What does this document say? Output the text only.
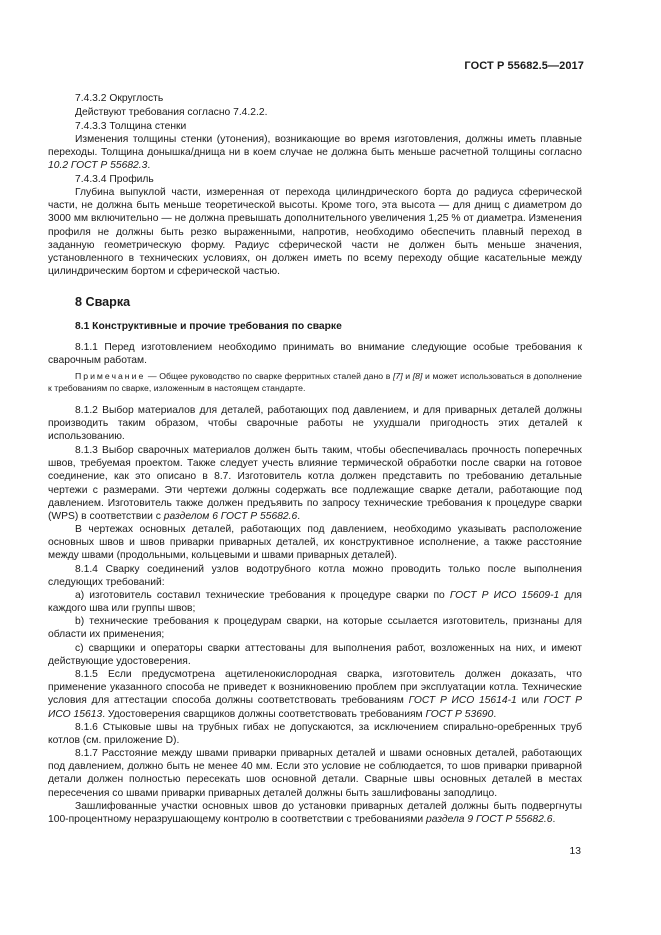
ГОСТ Р 55682.5—2017

7.4.3.2 Округлость

Действуют требования согласно 7.4.2.2.

7.4.3.3 Толщина стенки

Изменения толщины стенки (утонения), возникающие во время изготовления, должны иметь плавные переходы. Толщина донышка/днища ни в коем случае не должна быть меньше расчетной толщины согласно 10.2 ГОСТ Р 55682.3.

7.4.3.4 Профиль

Глубина выпуклой части, измеренная от перехода цилиндрического борта до радиуса сферической части, не должна быть меньше теоретической высоты. Кроме того, эта высота — для днищ с диаметром до 3000 мм включительно — не должна превышать дополнительного увеличения 1,25 % от диаметра. Изменения профиля не должны быть резко выраженными, напротив, необходимо обеспечить плавный переход в заданную геометрическую форму. Радиус сферической части не должен быть меньше значения, установленного в технических условиях, он должен иметь по всему переходу общие касательные между цилиндрическим бортом и сферической частью.

8 Сварка
8.1 Конструктивные и прочие требования по сварке

8.1.1 Перед изготовлением необходимо принимать во внимание следующие особые требования к сварочным работам.

Примечание — Общее руководство по сварке ферритных сталей дано в [7] и [8] и может использоваться в дополнение к требованиям по сварке, изложенным в настоящем стандарте.

8.1.2 Выбор материалов для деталей, работающих под давлением, и для приварных деталей должны производить таким образом, чтобы сварочные работы не ухудшали пригодность этих деталей к использованию.

8.1.3 Выбор сварочных материалов должен быть таким, чтобы обеспечивалась прочность поперечных швов, требуемая проектом. Также следует учесть влияние термической обработки после сварки на готовое соединение, как это описано в 8.7. Изготовитель котла должен представить по требованию детальные чертежи с размерами. Эти чертежи должны содержать все подлежащие сварке детали, работающие под давлением. Изготовитель также должен предъявить по запросу технические требования к процедуре сварки (WPS) в соответствии с разделом 6 ГОСТ Р 55682.6.

В чертежах основных деталей, работающих под давлением, необходимо указывать расположение основных швов и швов приварки приварных деталей, их конструктивное исполнение, а также расстояние между швами (продольными, кольцевыми и швами приварных деталей).

8.1.4 Сварку соединений узлов водотрубного котла можно проводить только после выполнения следующих требований:

а) изготовитель составил технические требования к процедуре сварки по ГОСТ Р ИСО 15609-1 для каждого шва или группы швов;

b) технические требования к процедурам сварки, на которые ссылается изготовитель, признаны для области их применения;

с) сварщики и операторы сварки аттестованы для выполнения работ, возложенных на них, и имеют действующие удостоверения.

8.1.5 Если предусмотрена ацетиленокислородная сварка, изготовитель должен доказать, что применение указанного способа не приведет к возникновению проблем при эксплуатации котла. Технические условия для аттестации способа должны соответствовать требованиям ГОСТ Р ИСО 15614-1 или ГОСТ Р ИСО 15613. Удостоверения сварщиков должны соответствовать требованиям ГОСТ Р 53690.

8.1.6 Стыковые швы на трубных гибах не допускаются, за исключением спирально-оребренных труб котлов (см. приложение D).

8.1.7 Расстояние между швами приварки приварных деталей и швами основных деталей, работающих под давлением, должно быть не менее 40 мм. Если это условие не соблюдается, то шов приварки приварной детали должен полностью пересекать шов основной детали. Сварные швы основных деталей в местах пересечения со швами приварки приварных деталей должны быть зашлифованы заподлицо.

Зашлифованные участки основных швов до установки приварных деталей должны быть подвергнуты 100-процентному неразрушающему контролю в соответствии с требованиями раздела 9 ГОСТ Р 55682.6.

13
